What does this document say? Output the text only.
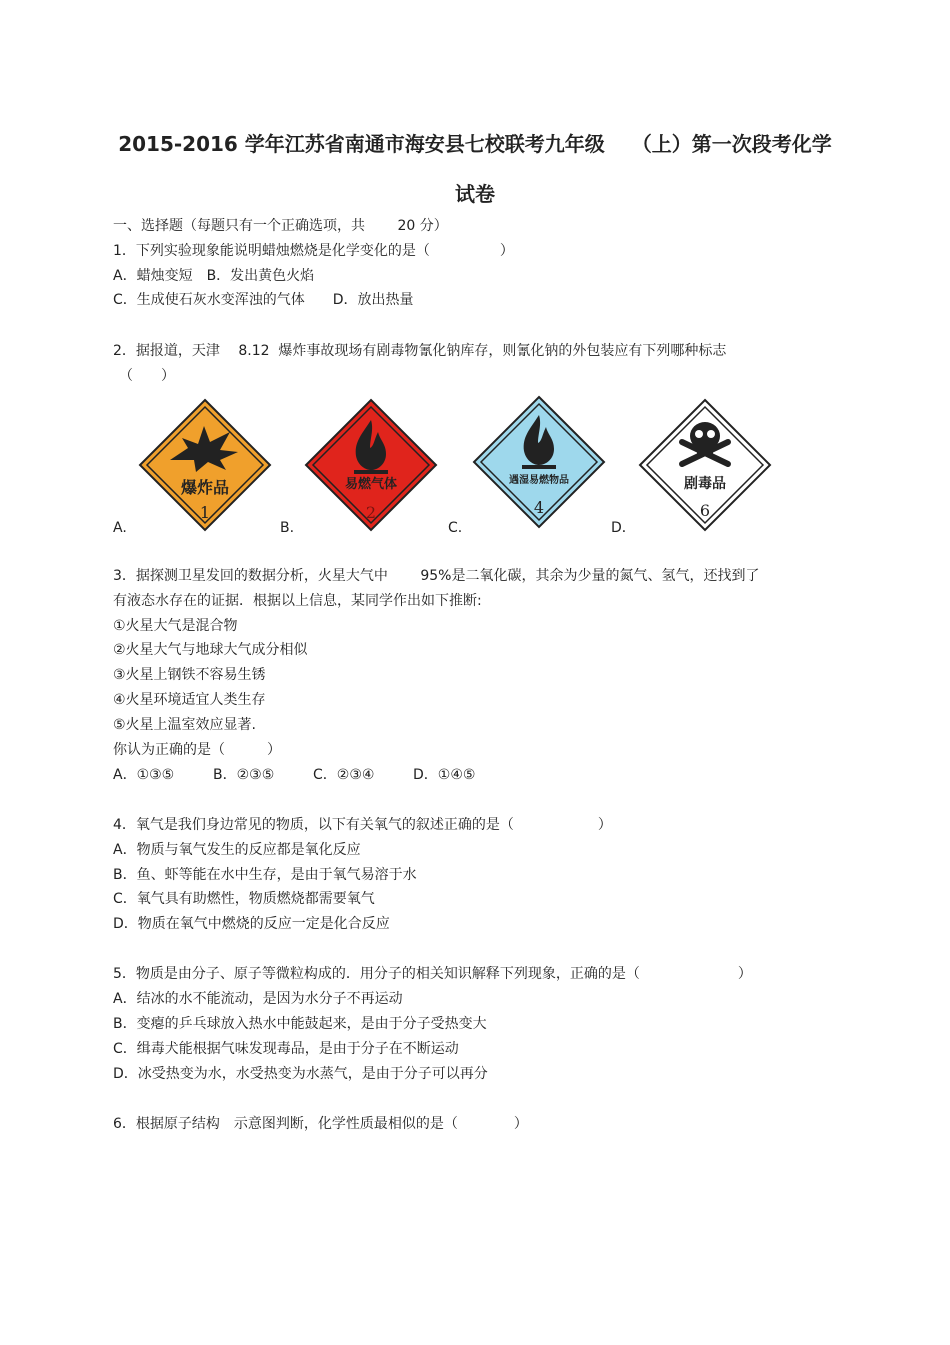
2015-2016 学年江苏省南通市海安县七校联考九年级　 （上）第一次段考化学
试卷
一、选择题（每题只有一个正确选项，共　　 20 分）
1．下列实验现象能说明蜡烛燃烧是化学变化的是（　　　　　）
A．蜡烛变短　B．发出黄色火焰
C．生成使石灰水变浑浊的气体　　D．放出热量
2．据报道，天津　 8.12  爆炸事故现场有剧毒物氰化钠库存，则氰化钠的外包装应有下列哪种标志
（　　）
爆炸品
1
A.
易燃气体
2
B.
遇湿易燃物品
4
C.
剧毒品
6
D．
3．据探测卫星发回的数据分析，火星大气中　　 95%是二氧化碳，其余为少量的氮气、氢气，还找到了
有液态水存在的证据．根据以上信息，某同学作出如下推断:
①火星大气是混合物
②火星大气与地球大气成分相似
③火星上钢铁不容易生锈
④火星环境适宜人类生存
⑤火星上温室效应显著.
你认为正确的是（　　　）
A．①③⑤	B．②③⑤	C．②③④	D．①④⑤
4．氧气是我们身边常见的物质，以下有关氧气的叙述正确的是（　　　　　　）
A．物质与氧气发生的反应都是氧化反应
B．鱼、虾等能在水中生存，是由于氧气易溶于水
C．氧气具有助燃性，物质燃烧都需要氧气
D．物质在氧气中燃烧的反应一定是化合反应
5．物质是由分子、原子等微粒构成的．用分子的相关知识解释下列现象，正确的是（　　　　　　　）
A．结冰的水不能流动，是因为水分子不再运动
B．变瘪的乒乓球放入热水中能鼓起来，是由于分子受热变大
C．缉毒犬能根据气味发现毒品，是由于分子在不断运动
D．冰受热变为水，水受热变为水蒸气，是由于分子可以再分
6．根据原子结构　示意图判断，化学性质最相似的是（　　　　）
